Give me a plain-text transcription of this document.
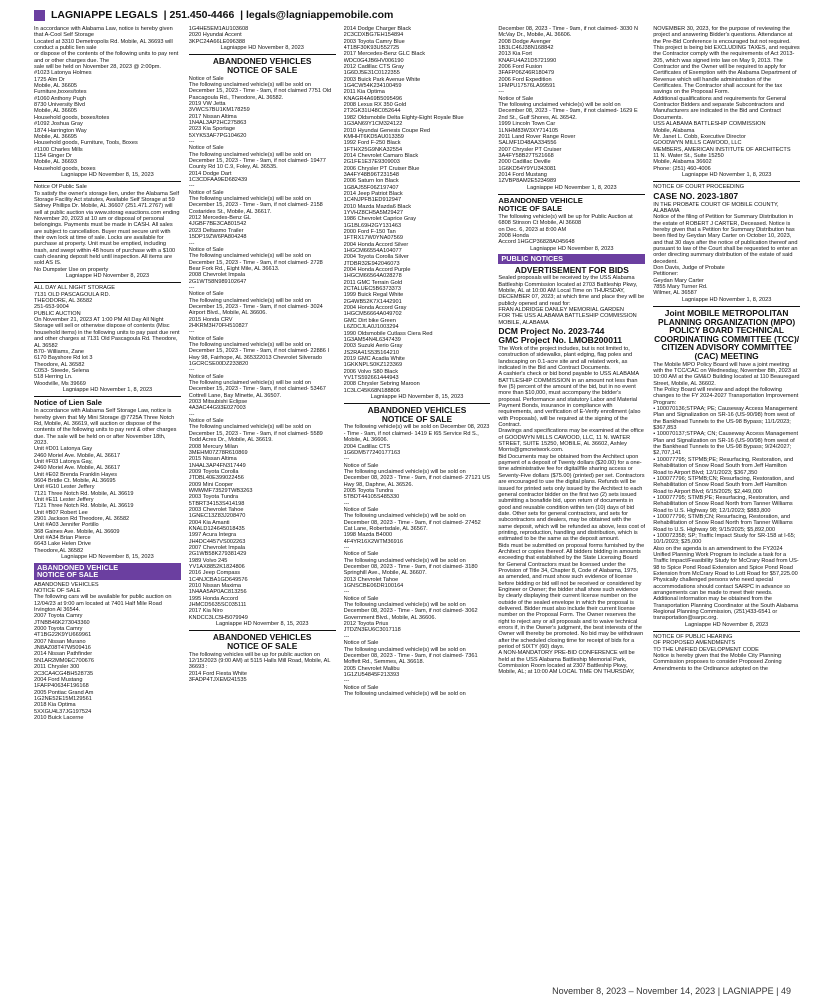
LAGNIAPPE LEGALS
|
251.450-4466
|
legals@lagniappemobile.com

In accordance with Alabama Law, notice is hereby given that A-Cool Self Storage
Located at 3310 Demetropolis Rd. Mobile, AL 36693 will conduct a public lien sale
or dispose of the contents of the following units to pay rent and or other charges due. The
sale will be held on November 28, 2023 @ 2:00pm.
#1023 Latonya Holmes
1725 Alm Dr
Mobile, AL 36605
Furniture,boxes/totes
#1060 Anthony Pugh
8730 University Blvd
Mobile, AL 36605
Household goods, boxes/totes
#1092 Joshua Gray
1874 Harrington Way
Mobile, AL 36695
Household goods, Furniture, Tools, Boxes
#1100 Charles Mills
1154 Ginger Dr
Mobile, AL 36693
Household goods, boxes

Lagniappe HD November 8, 15, 2023

Notice Of Public Sale
To satisfy the owner's storage lien, under the Alabama Self Storage Facility Act statutes, Available Self Storage at 59 Sidney Phillips Dr. Mobile, AL 36607 (251.471.2767) will sell at public auction via www.storag eauctions.com ending November 20, 2023 at 10 am or disposal of personal belongings. Payments must be made in CASH. All sales are subject to cancellation. Buyer must secure unit with their own lock at time of sale. Locks are available for purchase at property. Unit must be emptied, including trash, and swept within 48 hours of purchase with a $100 cash cleaning deposit held until inspection. All items are sold AS IS.
No Dumpster Use on property

Lagniappe HD November 8, 2023

ALL DAY ALL NIGHT STORAGE
7131 OLD PASCAGOULA RD.
THEODORE, AL 36582
251-653-9004
PUBLIC AUCTION
On November 21, 2023 AT 1:00 PM All Day All Night Storage will sell or otherwise dispose of contents (Misc household items) in the following units to pay past due rent and other charges at 7131 Old Pascagoula Rd. Theodore, AL 36582
B70- Williams, Zane
6170 Bayshore Rd lot 3
Theodore, AL 36582
C053- Steede, Selena
518 Herring Ln.
Woodville, Ms 39669

Lagniappe HD November 1, 8, 2023
Notice of Lien Sale

In accordance with Alabama Self Storage Law, notice is hereby given that My Mini Storage @7725A Three Notch Rd, Mobile, AL 36619, will auction or dispose of the contents of the following units to pay rent & other charges due. The sale will be held on or after November 18th, 2023.
Unit #D01 Latonya Gay
2460 Moriel Ave. Mobile, AL 36617
Unit #F03 Latonya Gay,
2460 Moriel Ave. Mobile, AL 36617
Unit #E02 Brenda Franklin Hayes
9604 Bridle Ct. Mobile, AL 36695
Unit #G10 Lester Jeffery
7121 Three Notch Rd. Mobile, AL 36619
Unit #E11 Lester Jeffery
7121 Three Notch Rd. Mobile, AL 36619
Unit #B07 Robert Lee
2901 Jackson Rd Theodore, AL 36582
Unit #A03 Jennifer Portillo
368 Gaines Ave. Mobile, AL 36609
Unit #A34 Brian Pierce
6643 Lake Helen Drive
Theodore,AL 36582

Lagniappe HD November 8, 15, 2023

ABANDONED VEHICLE
NOTICE OF SALE

ABANDONED VEHICLES
NOTICE OF SALE
The following cars will be available for public auction on 12/04/23 at 9:00 am located at 7401 Half Mile Road Irvington Al 36544.
2007 Toyota Camry
JTNBB46K273043360
2000 Toyota Camry
4T1BG22K9YU669961
2007 Nissan Murano
JN8AZ08T47W509416
2014 Nissan Pathfinder
5N1AR2MM0EC700676
2011 Chrysler 300
2C3CA4CG4BH528735
2004 Ford Mustang
1FAFP40634F196168
2005 Pontiac Grand Am
1G2NE52E15M129561
2018 Kia Optima
5XXGU4L37JG197524
2010 Buick Lacerne

1G4HE5EM1AU103608
2020 Hyundai Accent
3KPC24A66LE096388

Lagniappe HD November 8, 2023

ABANDONED VEHICLES
NOTICE OF SALE

Notice of Sale
The following unclaimed vehicle(s) will be sold on December 15, 2023 - Time - 9am, if not claimed 7751 Old Pascagoula Rd., Theodore, AL 36582.
2019 VW Jetta
3VWCS7BU1KM178259
2017 Nissan Altima
1N4AL3AP2HC275863
2023 Kia Sportage
5XYK53AF7PG104620
---
Notice of Sale
The following unclaimed vehicle(s) will be sold on December 15, 2023 - Time - 9am, if not claimed- 19477 County Rd 10 C.9, Foley, AL 36535.
2014 Dodge Dart
1C3CDFAA9ED682439
---
Notice of Sale
The following unclaimed vehicle(s) will be sold on December 15, 2023 - Time - 9am, if not claimed- 2158 Costarides St., Mobile, AL 36617.
2012 Mercedes-Benz GL
4JGBF7BE3CA801542
2023 Deltasmo Trailer
15DP19ZW6PA804248
---
Notice of Sale
The following unclaimed vehicle(s) will be sold on December 15, 2023 - Time - 9am, if not claimed- 2728 Bear Fork Rd., Eight Mile, AL 36613.
2008 Chevrolet Impala
2G1WT58N989102647
---
Notice of Sale
The following unclaimed vehicle(s) will be sold on December 15, 2023 - Time - 9am, if not claimed- 3024 Airport Blvd., Mobile, AL 36606.
2015 Honda CRV
2HKRM3H70FH510827
---
Notice of Sale
The following unclaimed vehicle(s) will be sold on December 15, 2023 - Time - 9am, if not claimed- 22886 I Hwy 98, Fairhope, AL 365322013 Chevrolet Silverado
1GCRCSE00DZ233820
---
Notice of Sale
The following unclaimed vehicle(s) will be sold on December 15, 2023 - Time - 9am, if not claimed- 53467 Cottrell Lane, Bay Minette, AL 36507.
2003 Mitsubishi Eclipse
4A3AC44G93E027003
---
Notice of Sale
The following unclaimed vehicle(s) will be sold on December 15, 2023 - Time - 9am, if not claimed- 5589 Todd Acres Dr., Mobile, AL 36619.
2008 Mercury Milan
3MEHM07Z78R610869
2015 Nissan Altima
1N4AL3AP4FN317449
2009 Toyota Corolla
JTDBL40E399022456
2009 Mini Cooper
WMWMF73529TWB3263
2003 Toyota Tundra
5TBRT34153S414198
2003 Chevrolet Tahoe
1GNEC13Z83J208470
2004 Kia Amanti
KNALD124645018435
1997 Acura Integra
JH4DC4457VS002263
2007 Chevrolet Impala
2G1WB58K279381429
1989 Volvo 245
YV1AX8852K1824806
2016 Jeep Compass
1C4NJCBA1GD649576
2010 Nissan Maxima
1N4AA5AP0AC813256
1995 Honda Accord
JHMCD5635SC035111
2017 Kia Niro
KNDCC3LC5H5079949

Lagniappe HD November 8, 15, 2023

ABANDONED VEHICLES
NOTICE OF SALE

The following vehicles will be up for public auction on 12/15/2023 (9:00 AM) at 5115 Halls Mill Road, Mobile, AL 36693 :
2014 Ford Fiesta White
3FADP4TJXEM241535

2014 Dodge Charger Black
2C3CDXBG7EH154894
2003 Toyota Camry Blue
4T1BF30K93U552725
2017 Mercedes-Benz GLC Black
WDC0G4JB6HV006190
2012 Cadillac CTS Gray
1G6DJ5E31C0122355
2003 Buick Park Avenue White
1G4CW54K234100459
2011 Kia Optima
KNAGR4A69B5095496
2008 Lexus RX 350 Gold
2T2GK31U48C052644
1982 Oldsmobile Delta Eighty-Eight Royale Blue
1G3AN69Y1CM324122
2010 Hyundai Genesis Coupe Red
KMHHT6KD5AU013359
1992 Ford F-250 Black
1FTHX25G9NKA32554
2014 Chevrolet Camaro Black
2G1FE1E37E9309003
2006 Chrysler PT Cruiser Blue
3A4FY48B96T231548
2006 Saturn Ion Black
1G8AJ55F06Z197407
2014 Jeep Patriot Black
1C4NJPFB1ED912947
2010 Mazda Mazda6 Black
1YVHZ8CH5A5M29427
1986 Chevrolet Caprice Gray
1G1BL69H2GY131463
2000 Ford F-150 Tan
1FTRX17W0YNA07569
2004 Honda Accord Silver
1HGCM66554A104077
2004 Toyota Corolla Silver
JTDBR32E942046073
2004 Honda Accord Purple
1HGCM66564A028278
2011 GMC Terrain Gold
2CTALUEC5B6373373
1999 Buick Regal White
2G4WB52K7X1442901
2004 Honda Accord Gray
1HGCM56664A049702
GMC Dirt bike Green
L6ZDCJLA0J1003294
1990 Oldsmobile Cutlass Ciera Red
1G3AM54N4L6347439
2003 Suzuki Aerio Gray
JS2RA41S535164210
2019 GMC Acadia White
1GKKNPLS0KZ123369
2006 Volvo S80 Black
YV1TS592661444943
2008 Chrysler Sebring Maroon
1C3LC45K68N188806

Lagniappe HD November 8, 15, 2023

ABANDONED VEHICLES
NOTICE OF SALE

The following vehicle(s) will be sold on December 08, 2023 - Time - 9am, if not claimed- 1419 E I65 Service Rd S., Mobile, AL 36606.
2004 Cadillac CTS
1G6DM577240177163
---
Notice of Sale
The following unclaimed vehicle(s) will be sold on December 08, 2023 - Time - 9am, if not claimed- 27121 US Hwy 98, Daphne, AL 36526.
2005 Toyota Tundra
5TBDT44105S485330
---
Notice of Sale
The following unclaimed vehicle(s) will be sold on December 08, 2023 - Time - 9am, if not claimed- 27452 Cat Lane, Robertsdale, AL 36567.
1998 Mazda B4000
4F4YR16X2WTM36916
---
Notice of Sale
The following unclaimed vehicle(s) will be sold on December 08, 2023 - Time - 9am, if not claimed- 3180 Springhill Ave., Mobile, AL 36607.
2013 Chevrolet Tahoe
1GNSCBE06DR100164
---
Notice of Sale
The following unclaimed vehicle(s) will be sold on December 08, 2023 - Time - 9am, if not claimed- 3062 Government Blvd., Mobile, AL 36606.
2012 Toyota Prius
JTDZN3EU6C3017118
---
Notice of Sale
The following unclaimed vehicle(s) will be sold on December 08, 2023 - Time - 9am, if not claimed- 7361 Moffett Rd., Semmes, AL 36618.
2005 Chevrolet Malibu
1G1ZU54845F213393
---
Notice of Sale
The following unclaimed vehicle(s) will be sold on

December 08, 2023 - Time - 9am, if not claimed- 3030 N McVay Dr., Mobile, AL 36606.
2008 Dodge Avenger
1B3LC46J38N168842
2013 Kia Fort
KNAFU4A21D5721990
2006 Ford Fusion
3FAFP06Z46R180479
2006 Ford Expedition
1FMPU17576LA99591
---
Notice of Sale
The following unclaimed vehicle(s) will be sold on December 08, 2023 - Time - 9am, if not claimed- 1629 E 2nd St., Gulf Shores, AL 36542.
1999 Lincoln Town Car
1LNHM83W3XY714105
2011 Land Rover Range Rover
SALMF1D48AA334556
2007 Chrysler PT Cruiser
3A4FY58B27T521668
2000 Cadillac Deville
1G6KD54Y9YU343081
2014 Ford Mustang
1ZVBP8AM2E5234989

Lagniappe HD November 1, 8, 2023

ABANDONED VEHICLE
NOTICE OF SALE

The following vehicle(s) will be up for Public Auction at 6808 Stinson Ct Mobile, Al 36608
on Dec. 6, 2023 at 8:00 AM
2008 Honda
Accord 1HGCP36828A045648

Lagniappe HD November 8, 2023

PUBLIC NOTICES

ADVERTISEMENT FOR BIDS

Sealed proposals will be received by the USS Alabama Battleship Commission located at 2703 Battleship Pkwy, Mobile, AL at 10:00 AM Local Time on THURSDAY, DECEMBER 07, 2023; at which time and place they will be publicly opened and read for:
FRAN ALDRIDGE DANLEY MEMORIAL GARDEN
FOR THE USS ALABAMA BATTLESHIP COMMISSION
MOBILE, ALABAMA

DCM Project No. 2023-744
GMC Project No. LMOB200011

The Work of the project includes, but is not limited to, construction of sidewalks, plant edging, flag poles and landscaping on 0.1-acre site and all related work, as indicated in the Bid and Contract Documents.
A cashier's check or bid bond payable to USS ALABAMA BATTLESHIP COMMISSION in an amount not less than five (5) percent of the amount of the bid, but in no event more than $10,000, must accompany the bidder's proposal. Performance and statutory Labor and Material Payment Bonds, insurance in compliance with requirements, and verification of E-Verify enrollment (also with Proposals), will be required at the signing of the Contract.
Drawings and specifications may be examined at the office of GOODWYN MILLS CAWOOD, LLC, 11 N. WATER STREET, SUITE 15250, MOBILE, AL 36602, Ashley Morris@gmcnetwork.com.
Bid Documents may be obtained from the Architect upon payment of a deposit of Twenty dollars ($20.00) for a one-time administrative fee for digital/file sharing access or Seventy-Five dollars ($75.00) (printed) per set. Contractors are encouraged to use the digital plans. Refunds will be issued for printed sets only issued by the Architect to each general contractor bidder on the first two (2) sets issued submitting a bonafide bid, upon return of documents in good and reusable condition within ten (10) days of bid date. Other sets for general contractors, and sets for subcontractors and dealers, may be obtained with the same deposit, which will be refunded as above, less cost of printing, reproduction, handling and distribution, which is estimated to be the same as the deposit amount.
Bids must be submitted on proposal forms furnished by the Architect or copies thereof. All bidders bidding in amounts exceeding that established by the State Licensing Board for General Contractors must be licensed under the Provision of Title 34, Chapter 8, Code of Alabama, 1975, as amended, and must show such evidence of license before bidding or bid will not be received or considered by Engineer or Owner; the bidder shall show such evidence by clearly displaying their current license number on the outside of the sealed envelope in which the proposal is delivered. Bidder must also include their current license number on the Proposal Form. The Owner reserves the right to reject any or all proposals and to waive technical errors if, in the Owner's judgment, the best interests of the Owner will thereby be promoted. No bid may be withdrawn after the scheduled closing time for receipt of bids for a period of SIXTY (60) days.
A NON-MANDATORY PRE-BID CONFERENCE will be held at the USS Alabama Battleship Memorial Park, Commission Room located at 2307 Battleship Pkwy, Mobile, AL; at 10:00 AM LOCAL TIME ON THURSDAY,

NOVEMBER 30, 2023, for the purpose of reviewing the project and answering Bidder's questions. Attendance at the Pre-Bid Conference is encouraged but not required.
This project is being bid EXCLUDING TAXES, and requires the Contractor comply with the requirements of Act 2013-205, which was signed into law on May 9, 2013. The Contractor and the Owner will be required to apply for Certificates of Exemption with the Alabama Department of Revenue which will handle administration of the Certificates. The Contractor shall account for the tax savings on the Proposal Form.
Additional qualifications and requirements for General Contractor Bidders and separate Subcontractors and Manufacturers are indicated in the Bid and Contract Documents.
USS ALABAMA BATTLESHIP COMMISSION
Mobile, Alabama
Mr. Janet L. Cobb, Executive Director
GOODWYN MILLS CAWOOD, LLC
MEMBERS, AMERICAN INSTITUTE OF ARCHITECTS
11 N. Water St., Suite 15250
Mobile, Alabama 36602
Phone: (251) 460-4006

Lagniappe HD November 1, 8, 2023

NOTICE OF COURT PROCEEDING

CASE NO. 2023-1807

IN THE PROBATE COURT OF MOBILE COUNTY, ALABAMA
Notice of the filing of Petition for Summary Distribution in the estate of ROBERT J CARTER, Deceased. Notice is hereby given that a Petition for Summary Distribution has been filed by Geydan Mary Carter on October 10, 2023, and that 30 days after the notice of publication thereof and pursuant to law of the Court shall be requested to enter an order directing summary distribution of the estate of said decedent.
Don Davis, Judge of Probate
Petitioner:
Geydan Mary Carter
7855 Mary Turner Rd.
Wilmer, AL 36587

Lagniappe HD November 1, 8, 2023
Joint MOBILE METROPOLITAN PLANNING ORGANIZATION (MPO) POLICY BOARD TECHNICAL COORDINATING COMMITTEE (TCC)/ CITIZEN ADVISORY COMMITTEE (CAC) MEETING

The Mobile MPO Policy Board will have a joint meeting with the TCC/CAC on Wednesday, November 8th, 2023 at 10:00 AM at the GM&O Building located at 110 Beauregard Street, Mobile, AL 36602.
The Policy Board will review and adopt the following changes to the FY 2024-2027 Transportation Improvement Program:
• 100070136;STPAA; PE; Causeway Access Management Plan and Signalization on SR-16 (US-90/98) from west of the Bankhead Tunnels to the US-98 Bypass; 11/1/2023; $367,853
• 100070137;STPAA; CN; Causeway Access Management Plan and Signalization on SR-16 (US-90/98) from west of the Bankhead Tunnels to the US-98 Bypass; 9/24/2027; $2,707,141
• 100077795; STPMB;PE; Resurfacing, Restoration, and Rehabilitation of Snow Road South from Jeff Hamilton Road to Airport Blvd; 12/1/2023; $367,350
• 100077796; STPMB;CN; Resurfacing, Restoration, and Rehabilitation of Snow Road South from Jeff Hamilton Road to Airport Blvd; 6/15/2025; $2,449,000
• 100077795; STMB;PE; Resurfacing, Restoration, and Rehabilitation of Snow Road North from Tanner Williams Road to U.S. Highway 98; 12/1/2023; $883,800
• 100077796; STMB;CN; Resurfacing, Restoration, and Rehabilitation of Snow Road North from Tanner Williams Road to U.S. Highway 98; 9/15/2025; $5,892,000
• 100072358; SP; Traffic Impact Study for SR-158 at I-65; 10/1/2023; $25,000
Also on the agenda is an amendment to the FY2024 Unified Planning Work Program to include a task for a Traffic Impact/Feasibility Study for McCrary Road from US-98 to Spice Pond Road Extension and Spice Pond Road Extension from McCrary Road to Lott Road for $57,225.00
Physically challenged persons who need special accommodations should contact SARPC in advance so arrangements can be made to meet their needs.
Additional information may be obtained from the Transportation Planning Coordinator at the South Alabama Regional Planning Commission, (251)433-6541 or transportation@sarpc.org.

Lagniappe HD November 8, 2023

NOTICE OF PUBLIC HEARING
OF PROPOSED AMENDMENTS
TO THE UNIFIED DEVELOPMENT CODE
Notice is hereby given that the Mobile City Planning Commission proposes to consider Proposed Zoning Amendments to the Ordinance adopted on the

November 8, 2023 – November 14, 2023 | LAGNIAPPE | 49
